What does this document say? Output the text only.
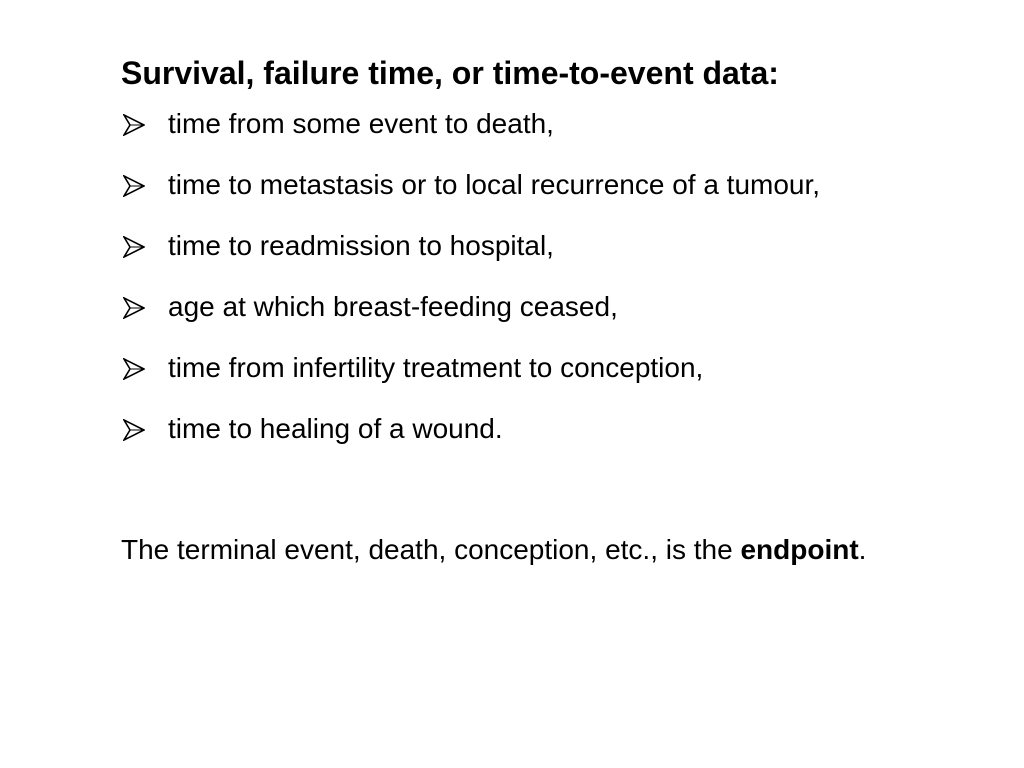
Survival, failure time, or time-to-event data:
time from some event to death,
time to metastasis or to local recurrence of a tumour,
time to readmission to hospital,
age at which breast-feeding ceased,
time from infertility treatment to conception,
time to healing of a wound.

The terminal event, death, conception, etc., is the endpoint.
